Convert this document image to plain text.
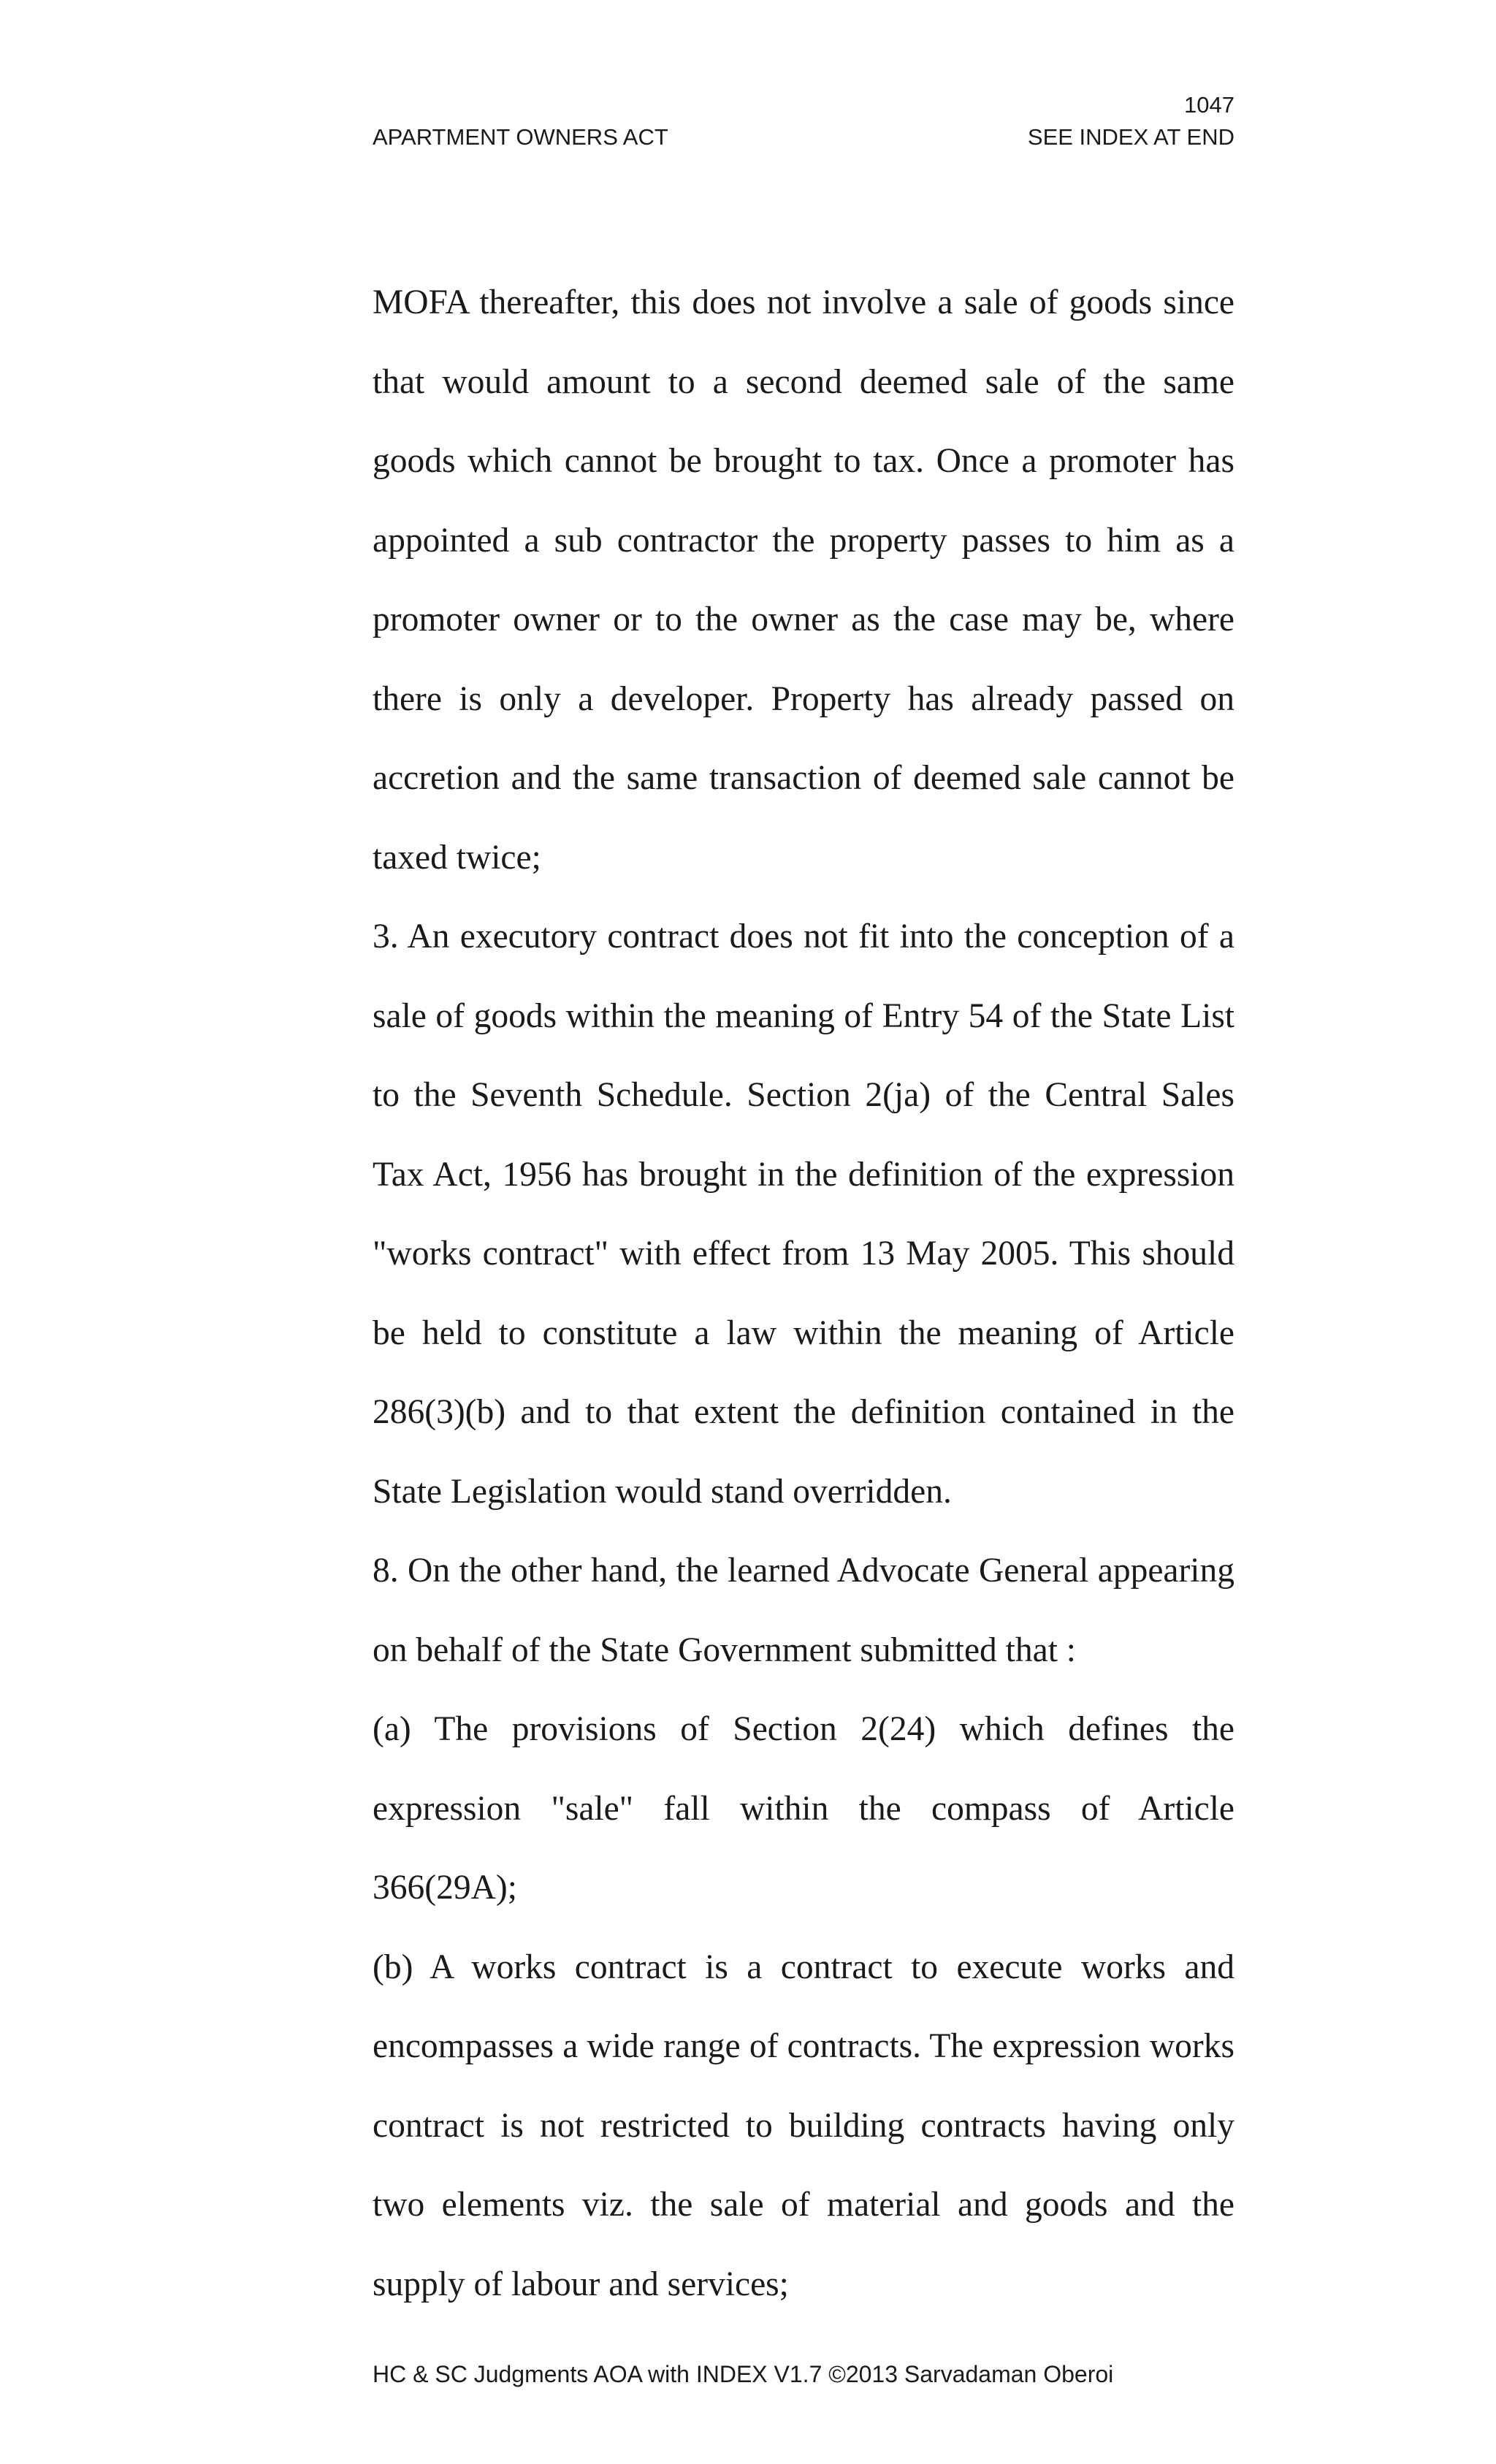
1047
APARTMENT OWNERS ACT	SEE INDEX AT END

MOFA thereafter, this does not involve a sale of goods since that would amount to a second deemed sale of the same goods which cannot be brought to tax. Once a promoter has appointed a sub contractor the property passes to him as a promoter owner or to the owner as the case may be, where there is only a developer. Property has already passed on accretion and the same transaction of deemed sale cannot be taxed twice;

3. An executory contract does not fit into the conception of a sale of goods within the meaning of Entry 54 of the State List to the Seventh Schedule. Section 2(ja) of the Central Sales Tax Act, 1956 has brought in the definition of the expression "works contract" with effect from 13 May 2005. This should be held to constitute a law within the meaning of Article 286(3)(b) and to that extent the definition contained in the State Legislation would stand overridden.

8. On the other hand, the learned Advocate General appearing on behalf of the State Government submitted that :

(a) The provisions of Section 2(24) which defines the expression "sale" fall within the compass of Article 366(29A);

(b) A works contract is a contract to execute works and encompasses a wide range of contracts. The expression works contract is not restricted to building contracts having only two elements viz. the sale of material and goods and the supply of labour and services;

HC & SC Judgments AOA with INDEX V1.7 ©2013 Sarvadaman Oberoi
